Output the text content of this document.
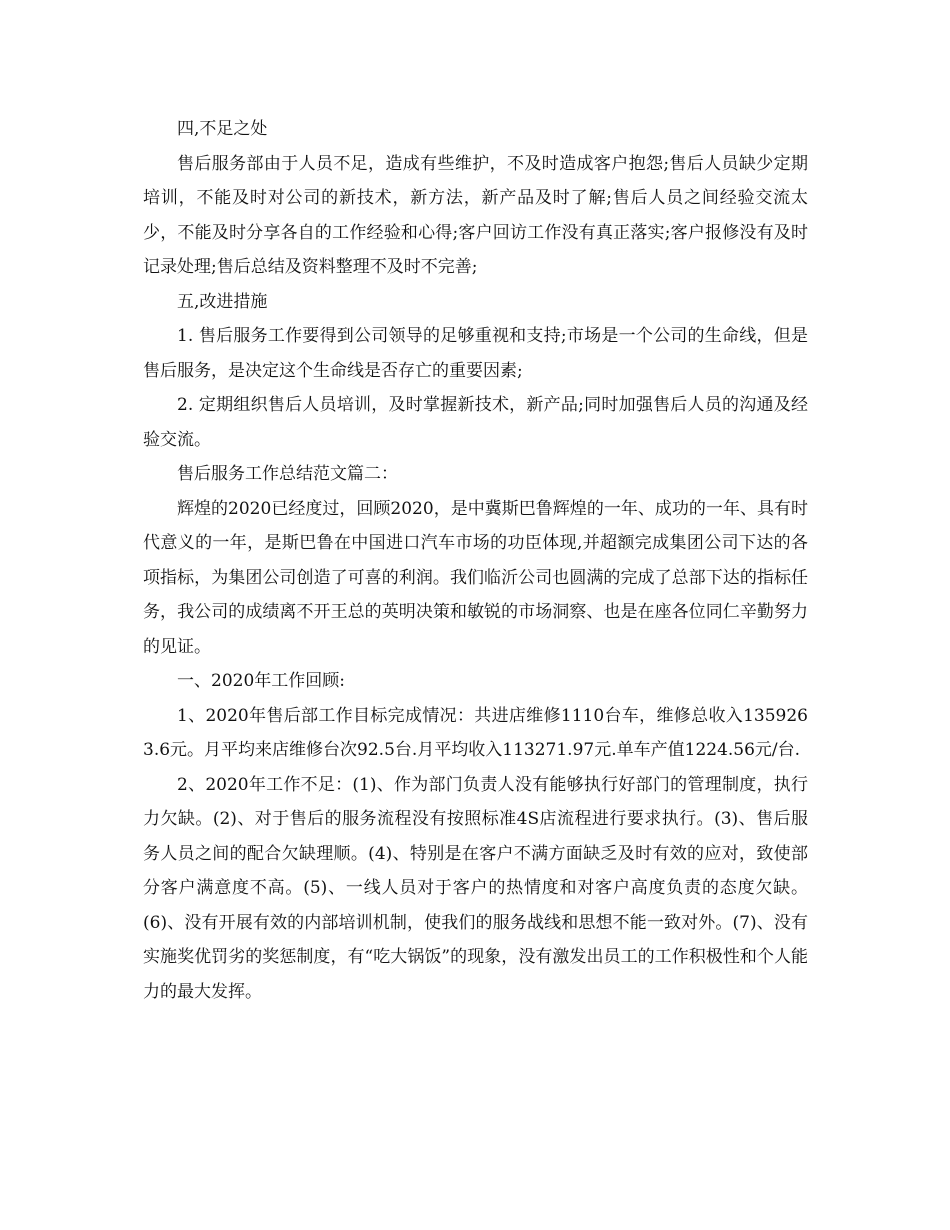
四,不足之处

售后服务部由于人员不足，造成有些维护，不及时造成客户抱怨;售后人员缺少定期培训，不能及时对公司的新技术，新方法，新产品及时了解;售后人员之间经验交流太少，不能及时分享各自的工作经验和心得;客户回访工作没有真正落实;客户报修没有及时记录处理;售后总结及资料整理不及时不完善;

五,改进措施

1. 售后服务工作要得到公司领导的足够重视和支持;市场是一个公司的生命线，但是售后服务，是决定这个生命线是否存亡的重要因素;

2. 定期组织售后人员培训，及时掌握新技术，新产品;同时加强售后人员的沟通及经验交流。

售后服务工作总结范文篇二：

辉煌的2020已经度过，回顾2020，是中冀斯巴鲁辉煌的一年、成功的一年、具有时代意义的一年，是斯巴鲁在中国进口汽车市场的功臣体现,并超额完成集团公司下达的各项指标，为集团公司创造了可喜的利润。我们临沂公司也圆满的完成了总部下达的指标任务，我公司的成绩离不开王总的英明决策和敏锐的市场洞察、也是在座各位同仁辛勤努力的见证。

一、2020年工作回顾:

1、2020年售后部工作目标完成情况：共进店维修1110台车，维修总收入1359263.6元。月平均来店维修台次92.5台.月平均收入113271.97元.单车产值1224.56元/台.

2、2020年工作不足：(1)、作为部门负责人没有能够执行好部门的管理制度，执行力欠缺。(2)、对于售后的服务流程没有按照标准4S店流程进行要求执行。(3)、售后服务人员之间的配合欠缺理顺。(4)、特别是在客户不满方面缺乏及时有效的应对，致使部分客户满意度不高。(5)、一线人员对于客户的热情度和对客户高度负责的态度欠缺。(6)、没有开展有效的内部培训机制，使我们的服务战线和思想不能一致对外。(7)、没有实施奖优罚劣的奖惩制度，有“吃大锅饭”的现象，没有激发出员工的工作积极性和个人能力的最大发挥。
